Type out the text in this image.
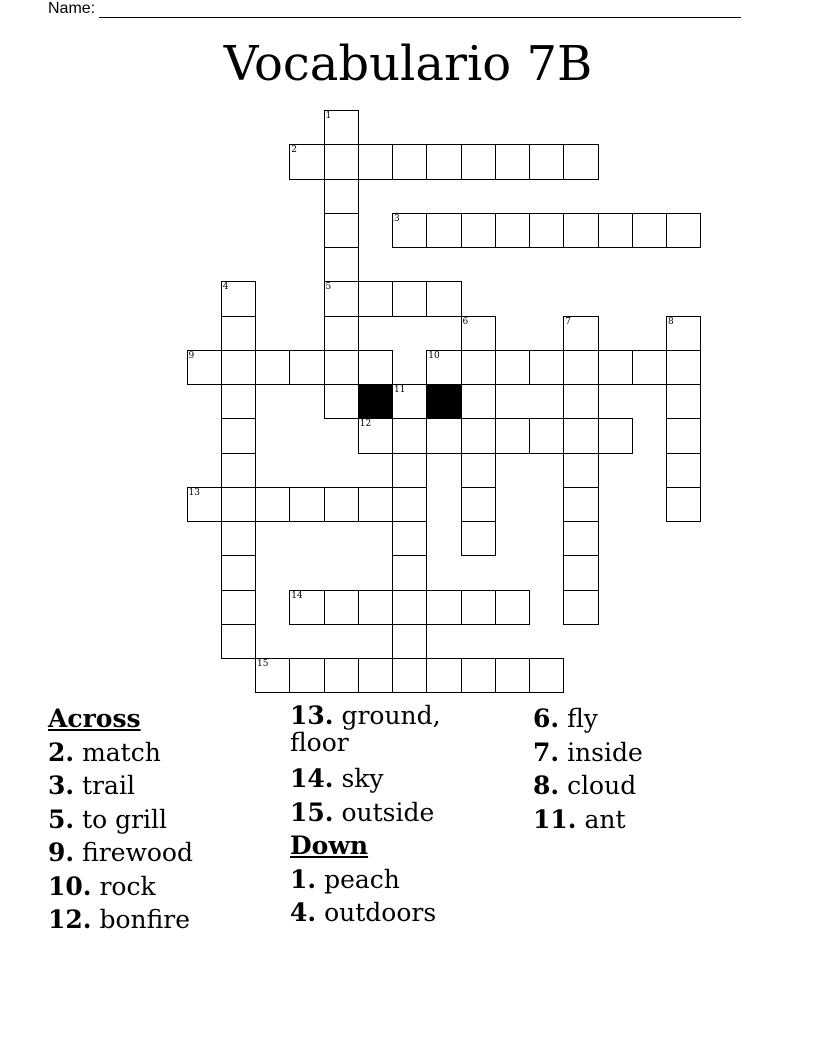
Name:
Vocabulario 7B
1
5
2
3
4
6	7	8
9	10
11
12
13
14
15
Across
2. match
3. trail
5. to grill
9. firewood
10. rock
12. bonfire
13. ground, floor
14. sky
15. outside
Down
1. peach
4. outdoors
6. fly
7. inside
8. cloud
11. ant
